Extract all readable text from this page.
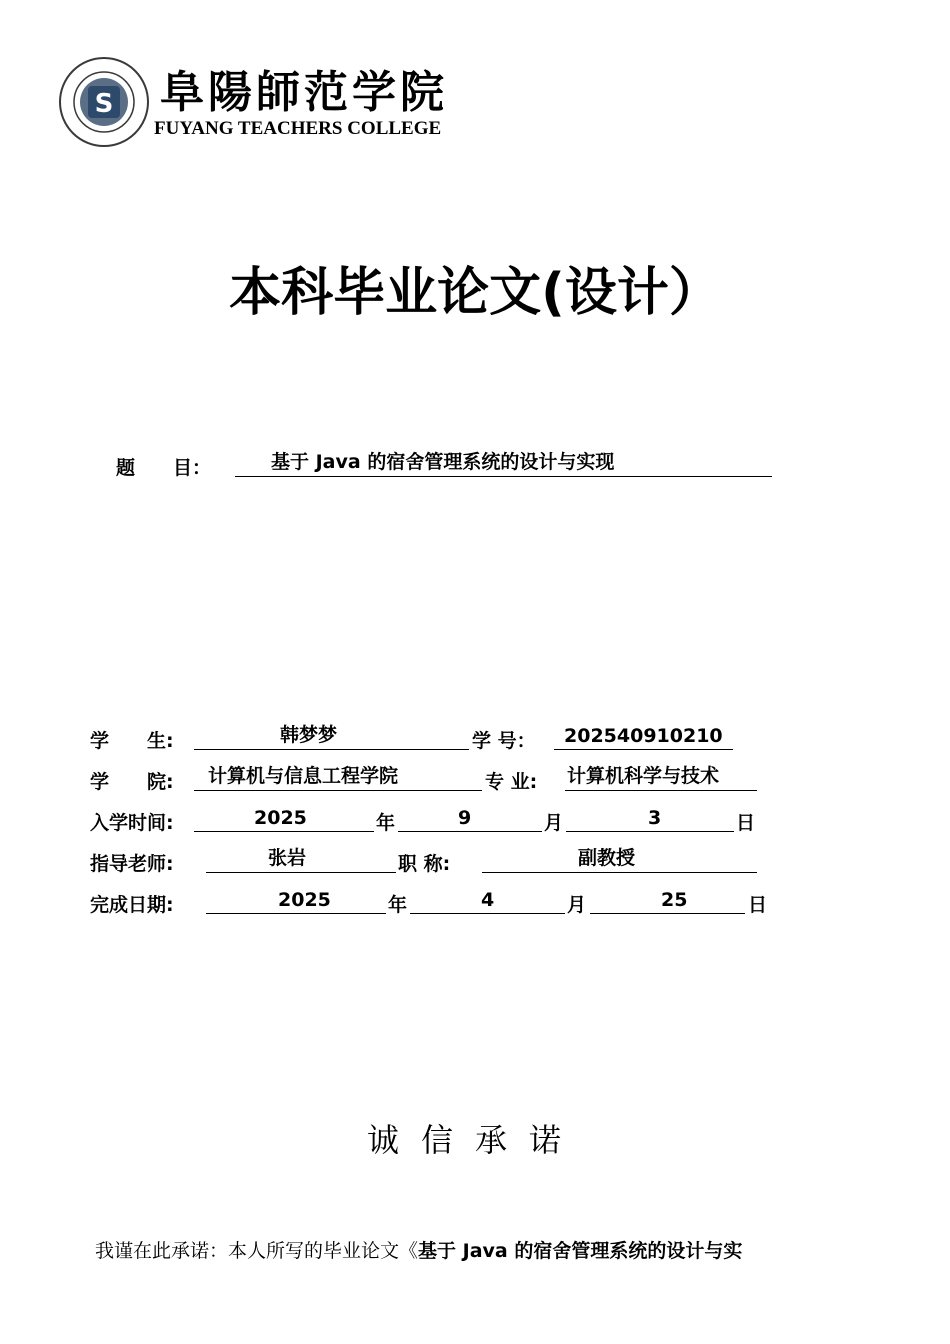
S 阜陽師范学院
FUYANG TEACHERS COLLEGE
本科毕业论文(设计）
题　　目：	基于 Java 的宿舍管理系统的设计与实现
学　　生:	韩梦梦	学 号： 202540910210
学　　院: 计算机与信息工程学院	专 业: 计算机科学与技术
入学时间:	2025	年	9	月	3	日
指导老师:	张岩	职 称:	副教授
完成日期:	2025	年	4	月	25	日
诚信承诺
我谨在此承诺：本人所写的毕业论文《基于 Java 的宿舍管理系统的设计与实
